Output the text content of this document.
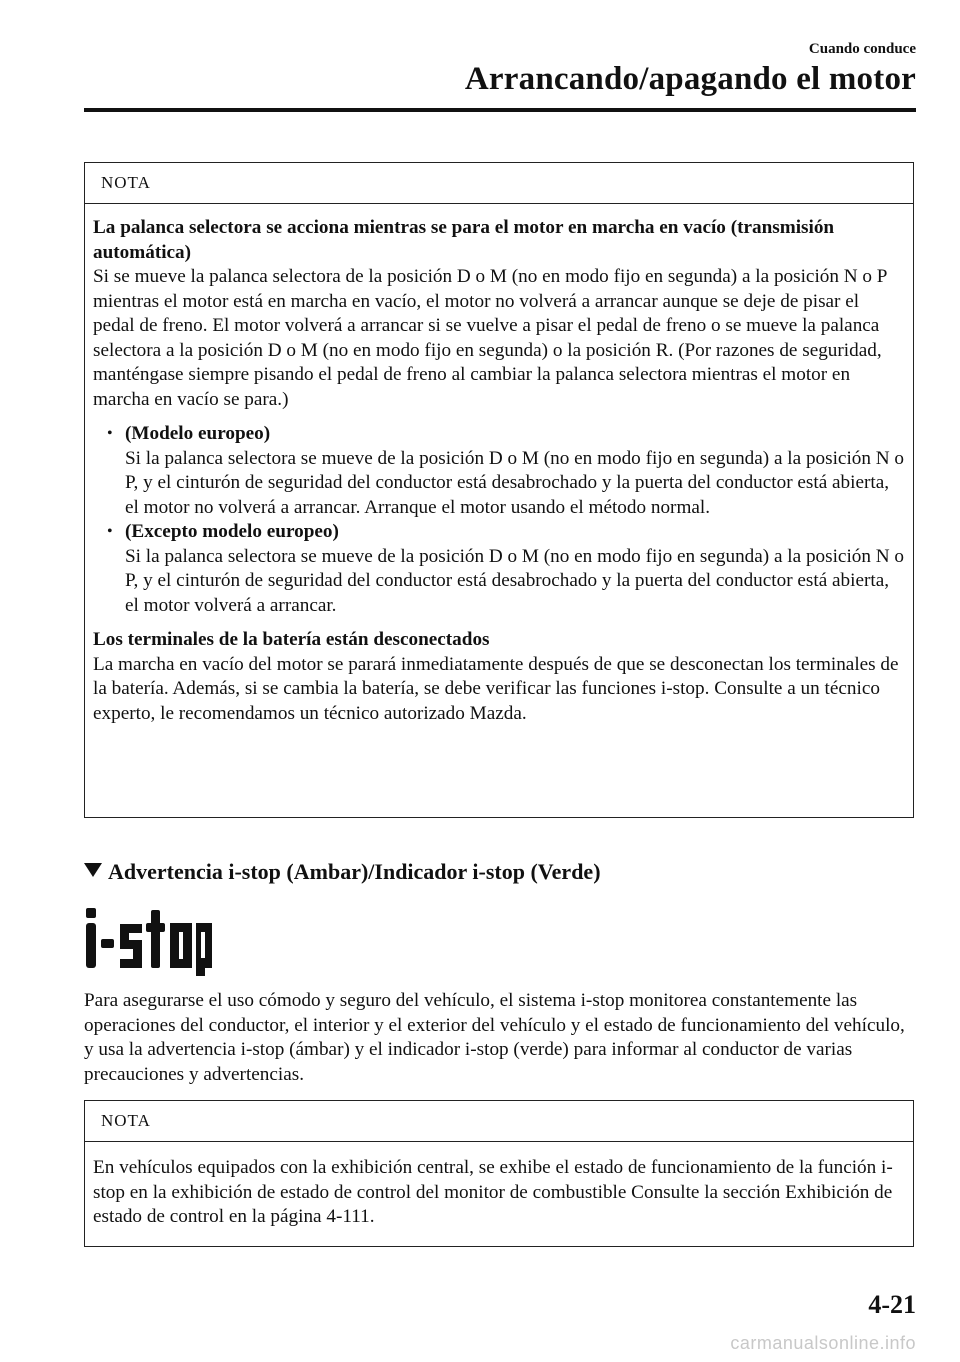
Cuando conduce
Arrancando/apagando el motor
NOTA

La palanca selectora se acciona mientras se para el motor en marcha en vacío (transmisión automática)

Si se mueve la palanca selectora de la posición D o M (no en modo fijo en segunda) a la posición N o P mientras el motor está en marcha en vacío, el motor no volverá a arrancar aunque se deje de pisar el pedal de freno. El motor volverá a arrancar si se vuelve a pisar el pedal de freno o se mueve la palanca selectora a la posición D o M (no en modo fijo en segunda) o la posición R. (Por razones de seguridad, manténgase siempre pisando el pedal de freno al cambiar la palanca selectora mientras el motor en marcha en vacío se para.)

• (Modelo europeo)
Si la palanca selectora se mueve de la posición D o M (no en modo fijo en segunda) a la posición N o P, y el cinturón de seguridad del conductor está desabrochado y la puerta del conductor está abierta, el motor no volverá a arrancar. Arranque el motor usando el método normal.
• (Excepto modelo europeo)
Si la palanca selectora se mueve de la posición D o M (no en modo fijo en segunda) a la posición N o P, y el cinturón de seguridad del conductor está desabrochado y la puerta del conductor está abierta, el motor volverá a arrancar.

Los terminales de la batería están desconectados

La marcha en vacío del motor se parará inmediatamente después de que se desconectan los terminales de la batería. Además, si se cambia la batería, se debe verificar las funciones i-stop. Consulte a un técnico experto, le recomendamos un técnico autorizado Mazda.

Advertencia i-stop (Ambar)/Indicador i-stop (Verde)

Para asegurarse el uso cómodo y seguro del vehículo, el sistema i-stop monitorea constantemente las operaciones del conductor, el interior y el exterior del vehículo y el estado de funcionamiento del vehículo, y usa la advertencia i-stop (ámbar) y el indicador i-stop (verde) para informar al conductor de varias precauciones y advertencias.

NOTA

En vehículos equipados con la exhibición central, se exhibe el estado de funcionamiento de la función i-stop en la exhibición de estado de control del monitor de combustible Consulte la sección Exhibición de estado de control en la página 4-111.

4-21
carmanualsonline.info
